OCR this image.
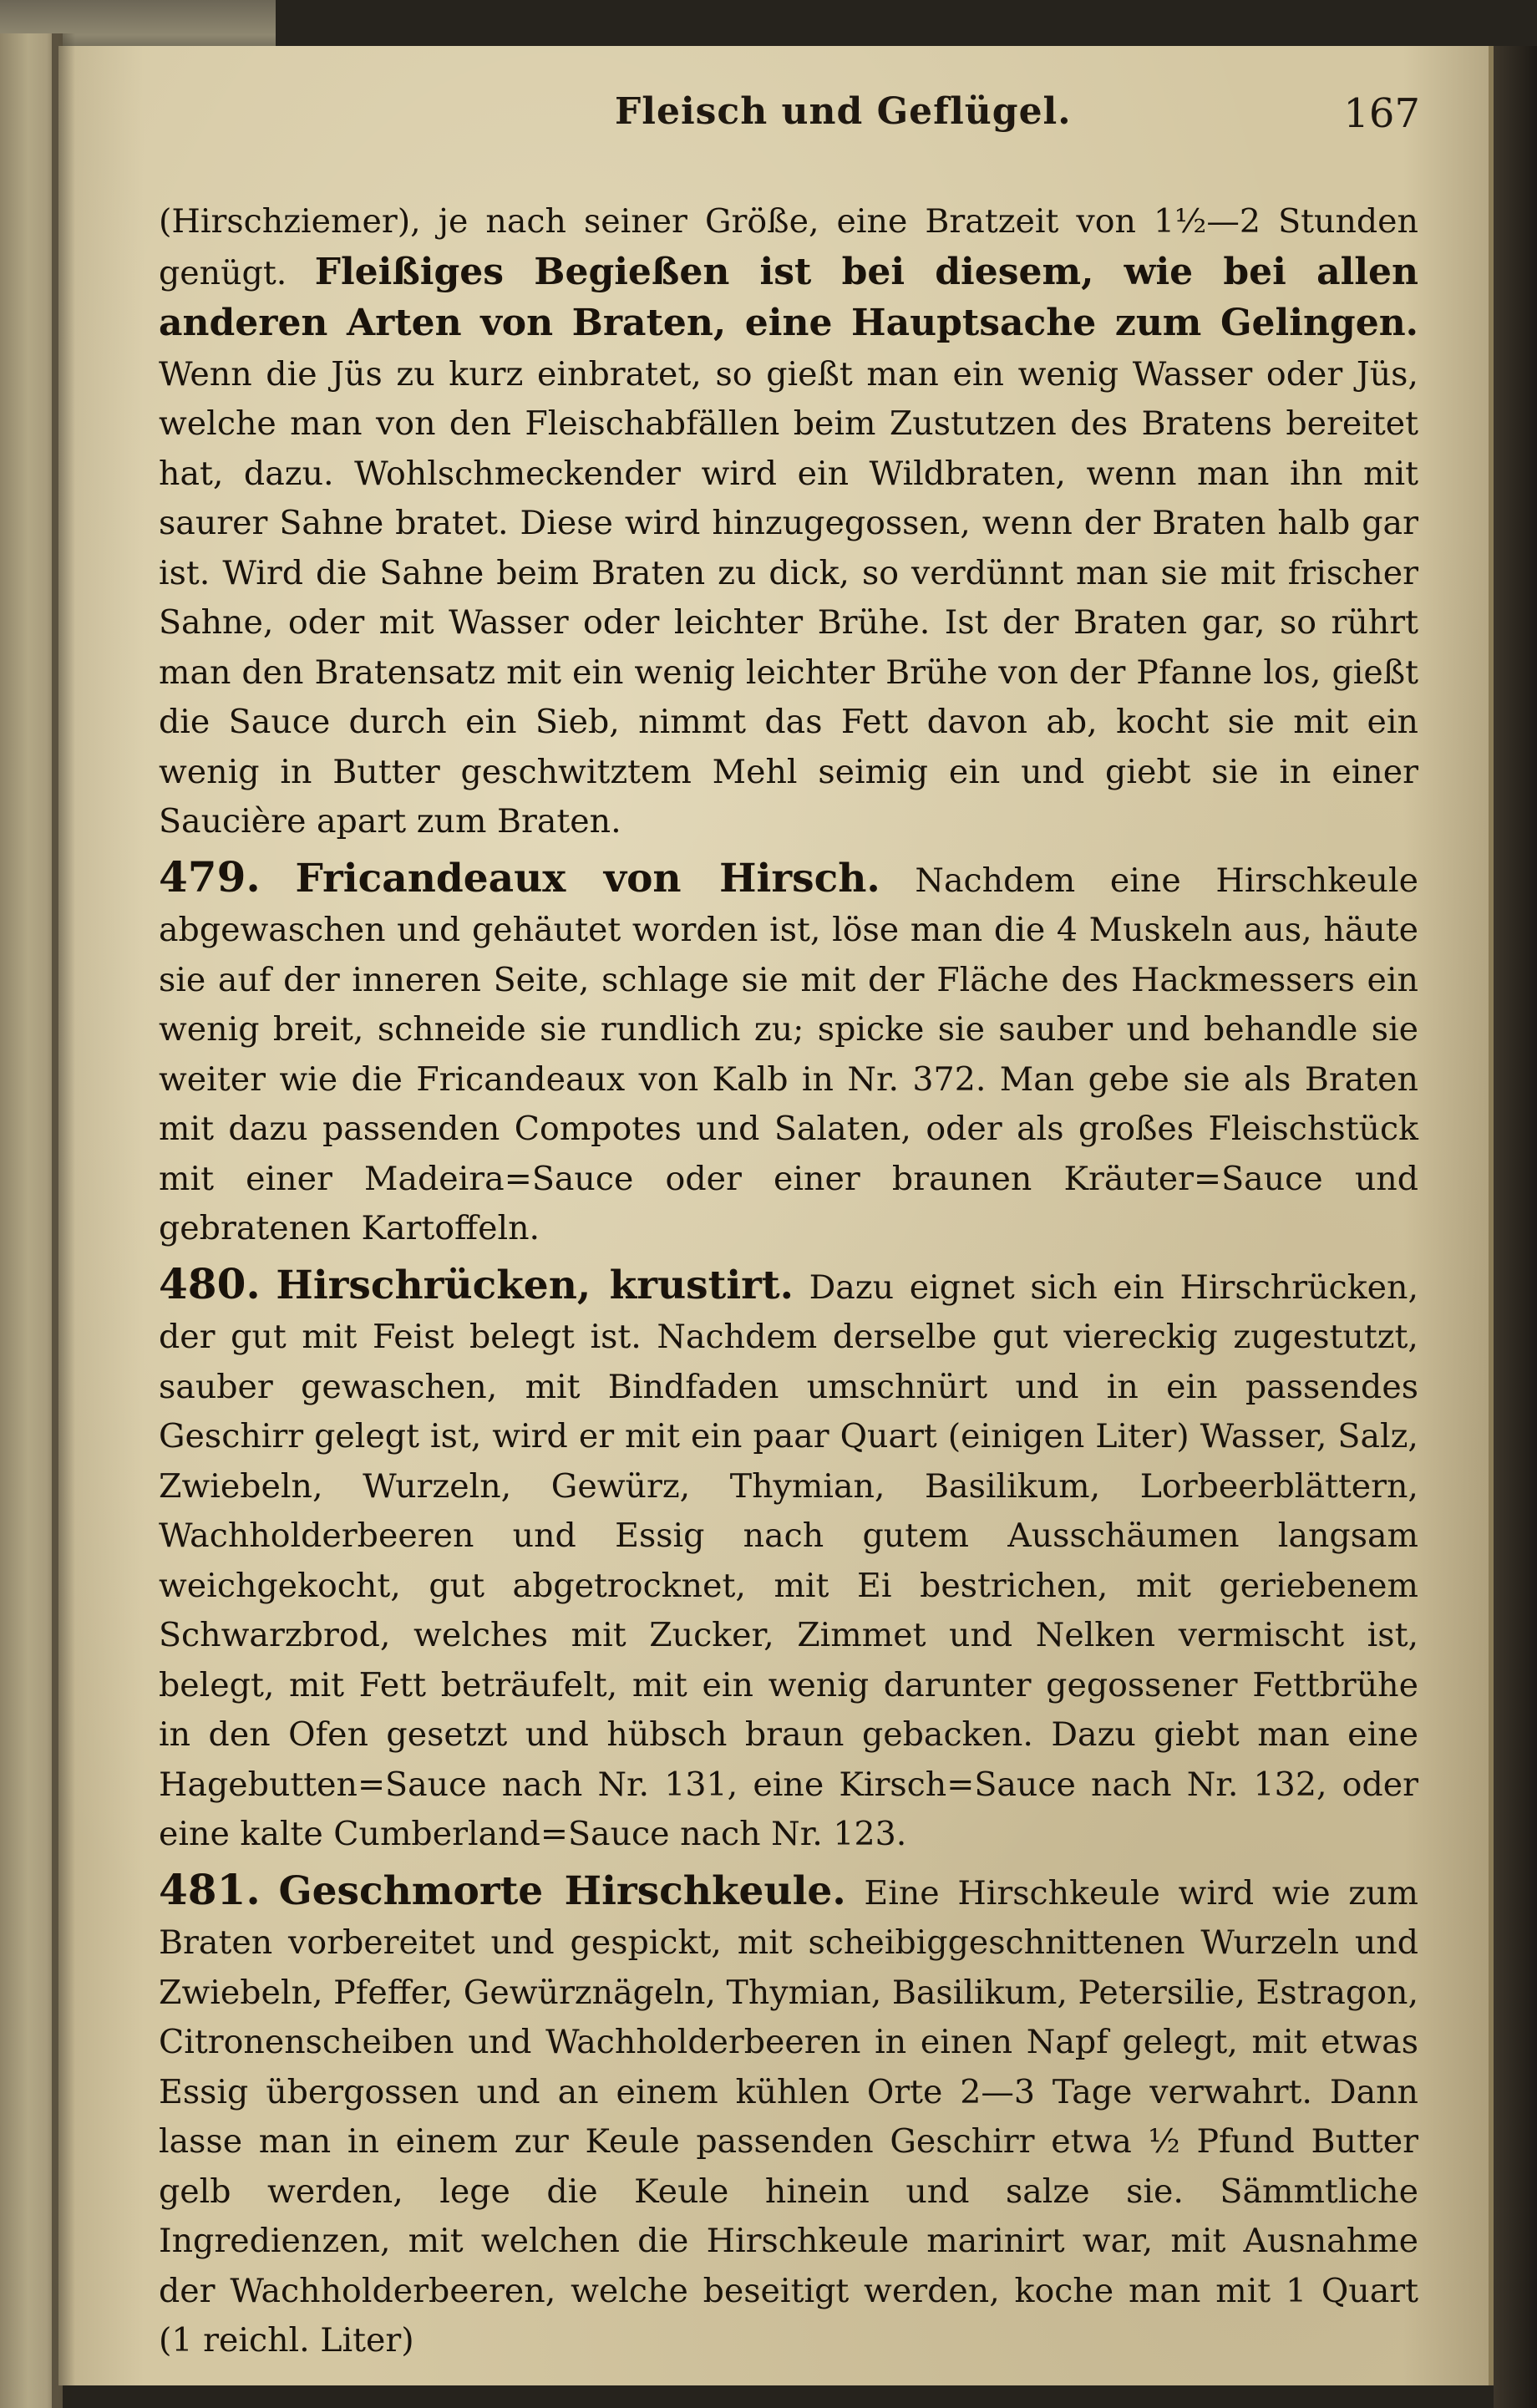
Fleisch und Geflügel.	167

(Hirschziemer), je nach seiner Größe, eine Bratzeit von 1½—2 Stunden genügt. Fleißiges Begießen ist bei diesem, wie bei allen anderen Arten von Braten, eine Hauptsache zum Gelingen. Wenn die Jüs zu kurz einbratet, so gießt man ein wenig Wasser oder Jüs, welche man von den Fleischabfällen beim Zustutzen des Bratens bereitet hat, dazu. Wohlschmeckender wird ein Wildbraten, wenn man ihn mit saurer Sahne bratet. Diese wird hinzugegossen, wenn der Braten halb gar ist. Wird die Sahne beim Braten zu dick, so verdünnt man sie mit frischer Sahne, oder mit Wasser oder leichter Brühe. Ist der Braten gar, so rührt man den Bratensatz mit ein wenig leichter Brühe von der Pfanne los, gießt die Sauce durch ein Sieb, nimmt das Fett davon ab, kocht sie mit ein wenig in Butter geschwitztem Mehl seimig ein und giebt sie in einer Saucière apart zum Braten.

479. Fricandeaux von Hirsch. Nachdem eine Hirschkeule abgewaschen und gehäutet worden ist, löse man die 4 Muskeln aus, häute sie auf der inneren Seite, schlage sie mit der Fläche des Hackmessers ein wenig breit, schneide sie rundlich zu; spicke sie sauber und behandle sie weiter wie die Fricandeaux von Kalb in Nr. 372. Man gebe sie als Braten mit dazu passenden Compotes und Salaten, oder als großes Fleischstück mit einer Madeira=Sauce oder einer braunen Kräuter=Sauce und gebratenen Kartoffeln.

480. Hirschrücken, krustirt. Dazu eignet sich ein Hirschrücken, der gut mit Feist belegt ist. Nachdem derselbe gut viereckig zugestutzt, sauber gewaschen, mit Bindfaden umschnürt und in ein passendes Geschirr gelegt ist, wird er mit ein paar Quart (einigen Liter) Wasser, Salz, Zwiebeln, Wurzeln, Gewürz, Thymian, Basilikum, Lorbeerblättern, Wachholderbeeren und Essig nach gutem Ausschäumen langsam weichgekocht, gut abgetrocknet, mit Ei bestrichen, mit geriebenem Schwarzbrod, welches mit Zucker, Zimmet und Nelken vermischt ist, belegt, mit Fett beträufelt, mit ein wenig darunter gegossener Fettbrühe in den Ofen gesetzt und hübsch braun gebacken. Dazu giebt man eine Hagebutten=Sauce nach Nr. 131, eine Kirsch=Sauce nach Nr. 132, oder eine kalte Cumberland=Sauce nach Nr. 123.

481. Geschmorte Hirschkeule. Eine Hirschkeule wird wie zum Braten vorbereitet und gespickt, mit scheibiggeschnittenen Wurzeln und Zwiebeln, Pfeffer, Gewürznägeln, Thymian, Basilikum, Petersilie, Estragon, Citronenscheiben und Wachholderbeeren in einen Napf gelegt, mit etwas Essig übergossen und an einem kühlen Orte 2—3 Tage verwahrt. Dann lasse man in einem zur Keule passenden Geschirr etwa ½ Pfund Butter gelb werden, lege die Keule hinein und salze sie. Sämmtliche Ingredienzen, mit welchen die Hirschkeule marinirt war, mit Ausnahme der Wachholderbeeren, welche beseitigt werden, koche man mit 1 Quart (1 reichl. Liter)
